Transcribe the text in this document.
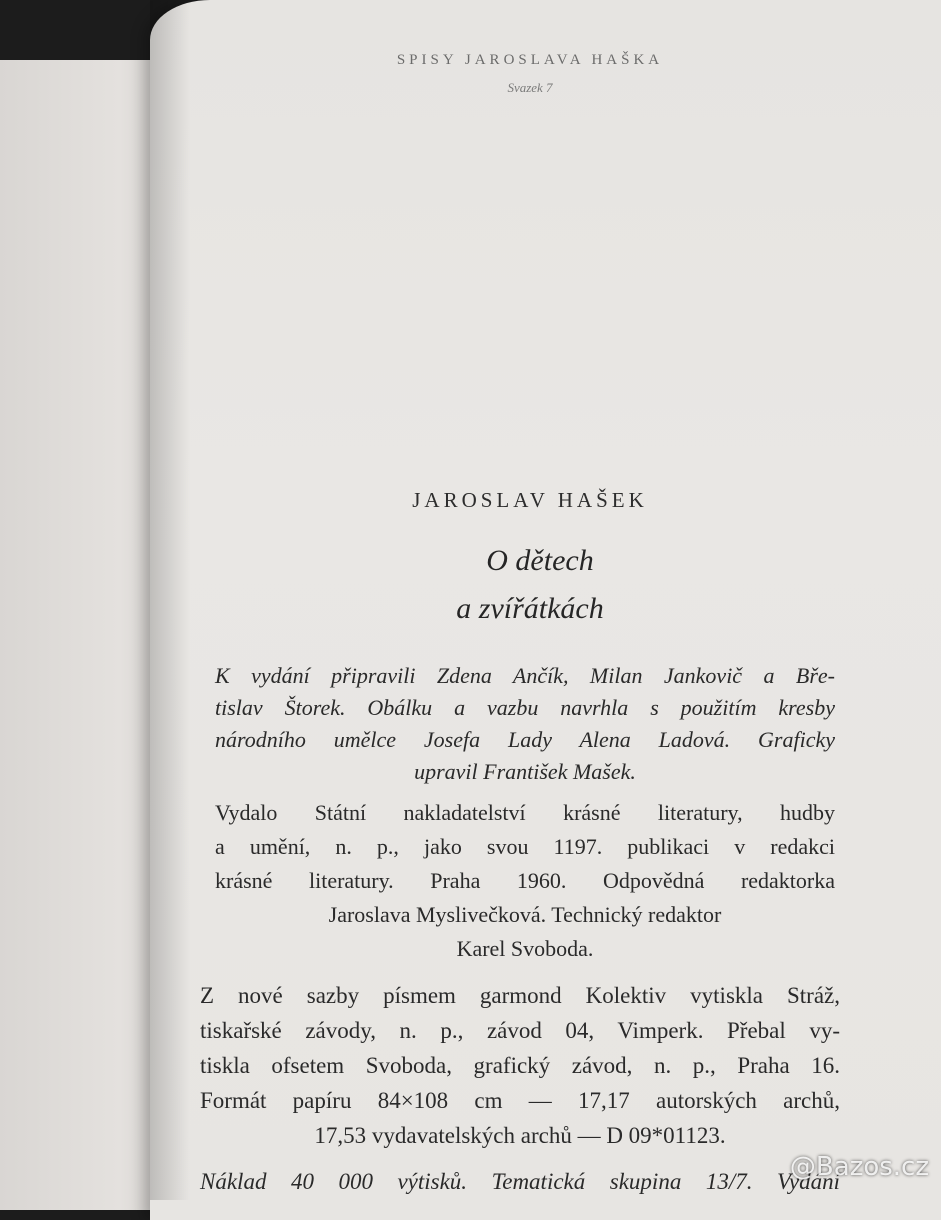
SPISY JAROSLAVA HAŠKA
Svazek 7
JAROSLAV HAŠEK
O dětech
a zvířátkách
K vydání připravili Zdena Ančík, Milan Jankovič a Bře-
tislav Štorek. Obálku a vazbu navrhla s použitím kresby
národního umělce Josefa Lady Alena Ladová. Graficky
upravil František Mašek.
Vydalo Státní nakladatelství krásné literatury, hudby
a umění, n. p., jako svou 1197. publikaci v redakci
krásné literatury. Praha 1960. Odpovědná redaktorka
Jaroslava Myslivečková. Technický redaktor
Karel Svoboda.
Z nové sazby písmem garmond Kolektiv vytiskla Stráž,
tiskařské závody, n. p., závod 04, Vimperk. Přebal vy-
tiskla ofsetem Svoboda, grafický závod, n. p., Praha 16.
Formát papíru 84×108 cm — 17,17 autorských archů,
17,53 vydavatelských archů — D 09*01123.
Náklad 40 000 výtisků. Tematická skupina 13/7. Vydání
@Bazos.cz
